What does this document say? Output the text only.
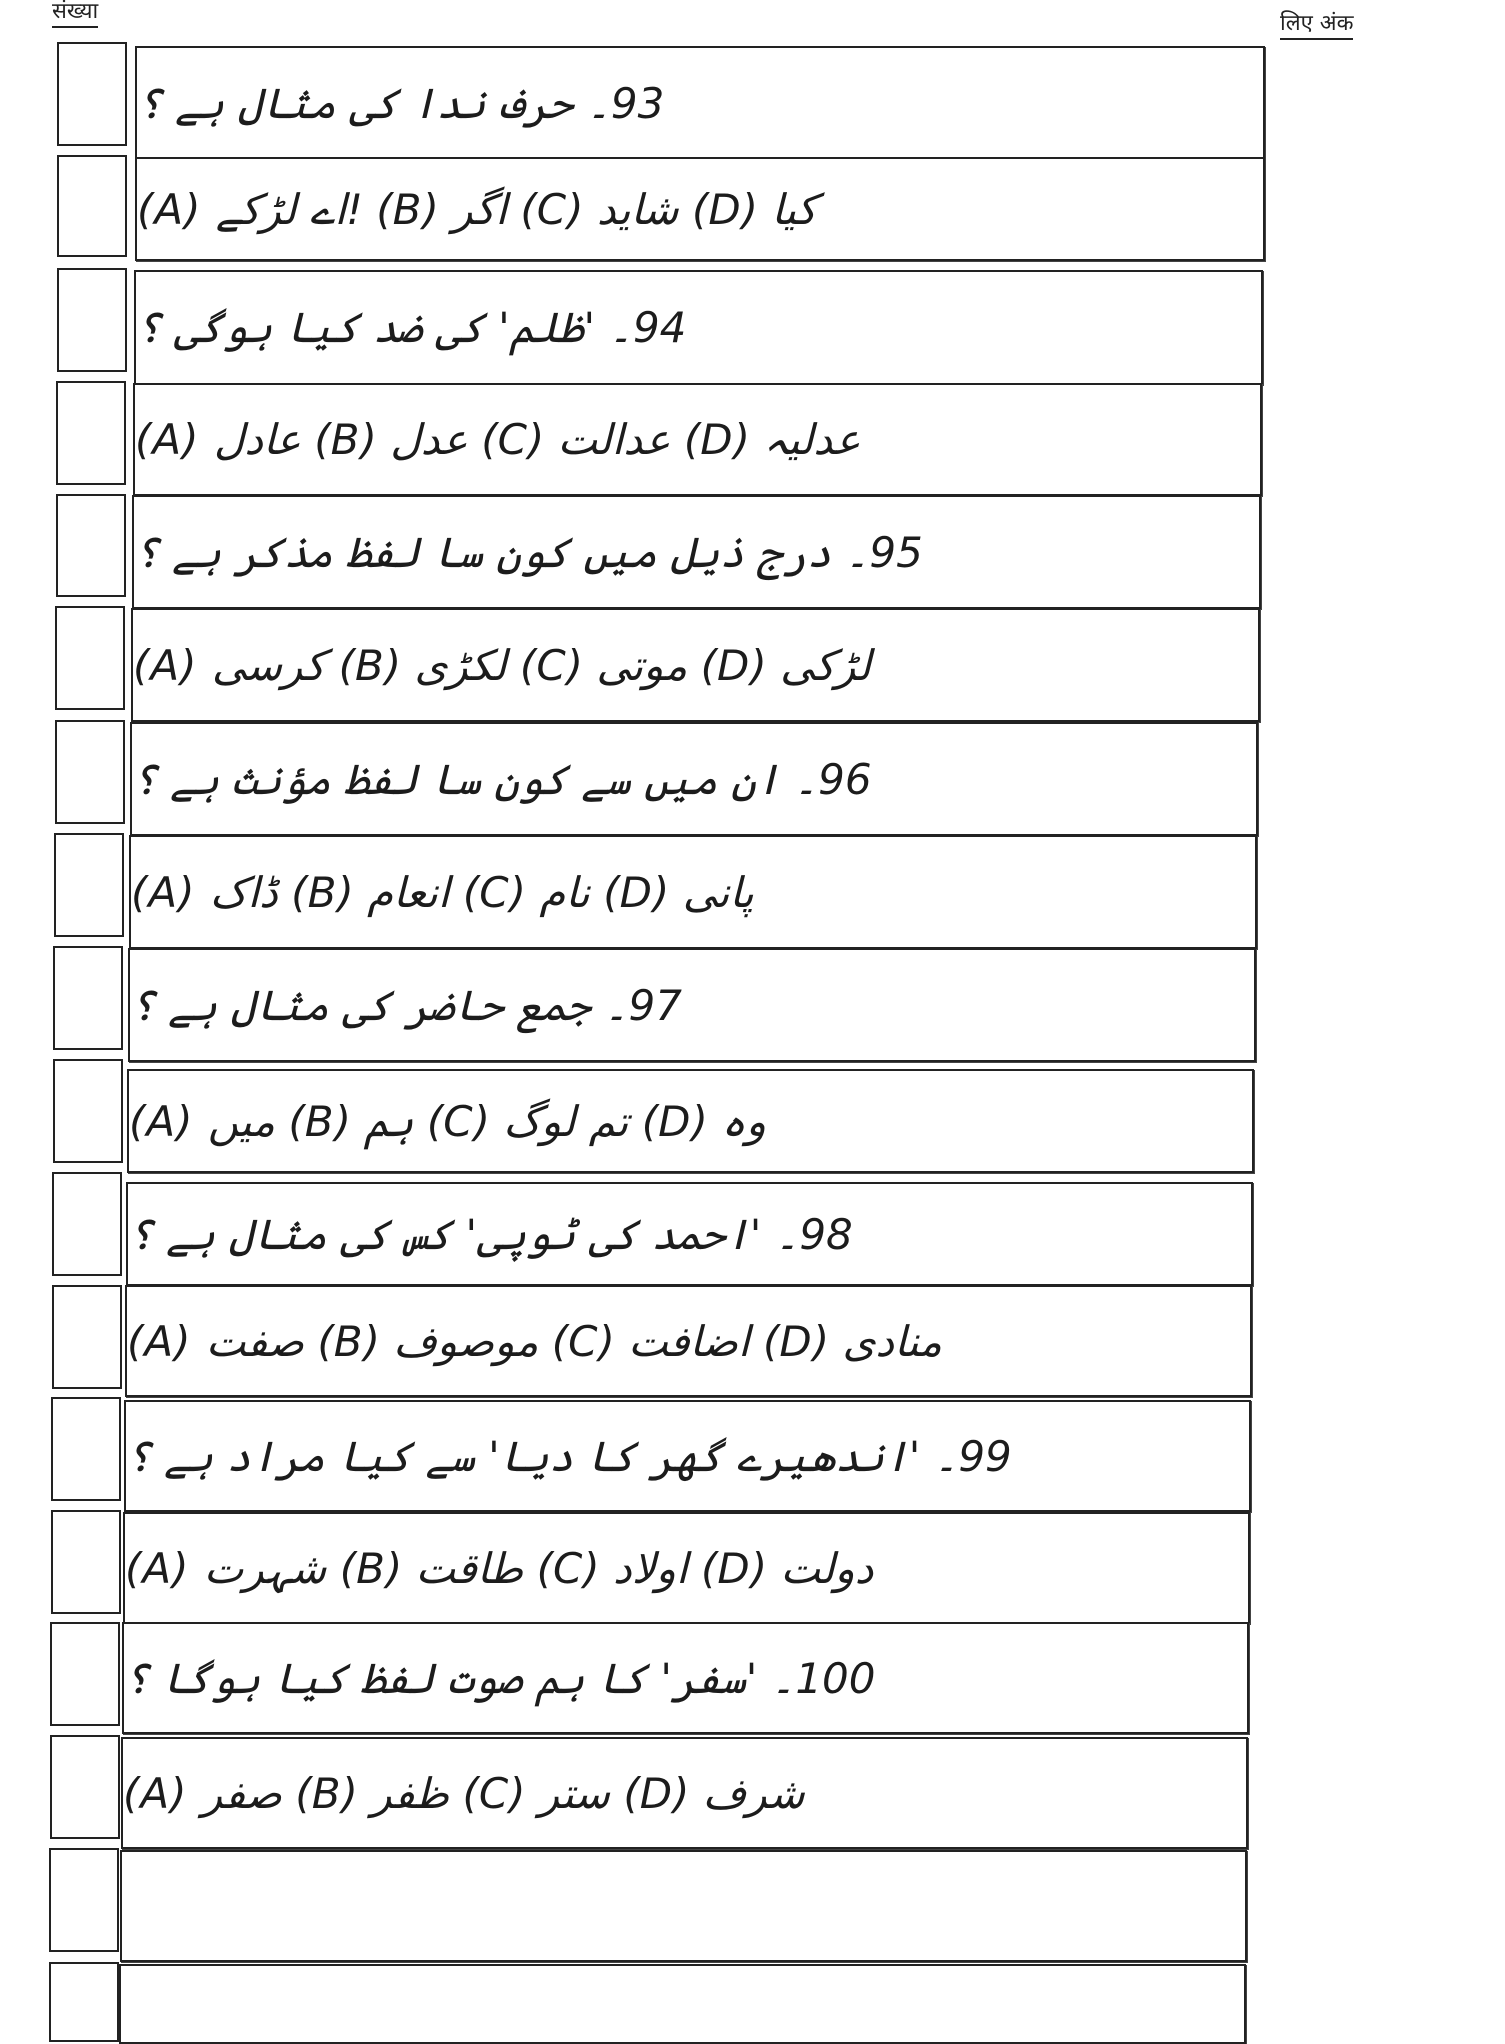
संख्या	लिए अंक
93۔ حرف ندا کی مثال ہے ؟
(A) اے لڑکے! (B) اگر (C) شاید (D) کیا
94۔ 'ظلم' کی ضد کیا ہوگی ؟
(A) عادل (B) عدل (C) عدالت (D) عدلیہ
95۔ درج ذیل میں کون سا لفظ مذکر ہے ؟
(A) کرسی (B) لکڑی (C) موتی (D) لڑکی
96۔ ان میں سے کون سا لفظ مؤنث ہے ؟
(A) ڈاک (B) انعام (C) نام (D) پانی
97۔ جمع حاضر کی مثال ہے ؟
(A) میں (B) ہم (C) تم لوگ (D) وہ
98۔ 'احمد کی ٹوپی' کس کی مثال ہے ؟
(A) صفت (B) موصوف (C) اضافت (D) منادی
99۔ 'اندھیرے گھر کا دیا' سے کیا مراد ہے ؟
(A) شہرت (B) طاقت (C) اولاد (D) دولت
100۔ 'سفر' کا ہم صوت لفظ کیا ہوگا ؟
(A) صفر (B) ظفر (C) ستر (D) شرف
